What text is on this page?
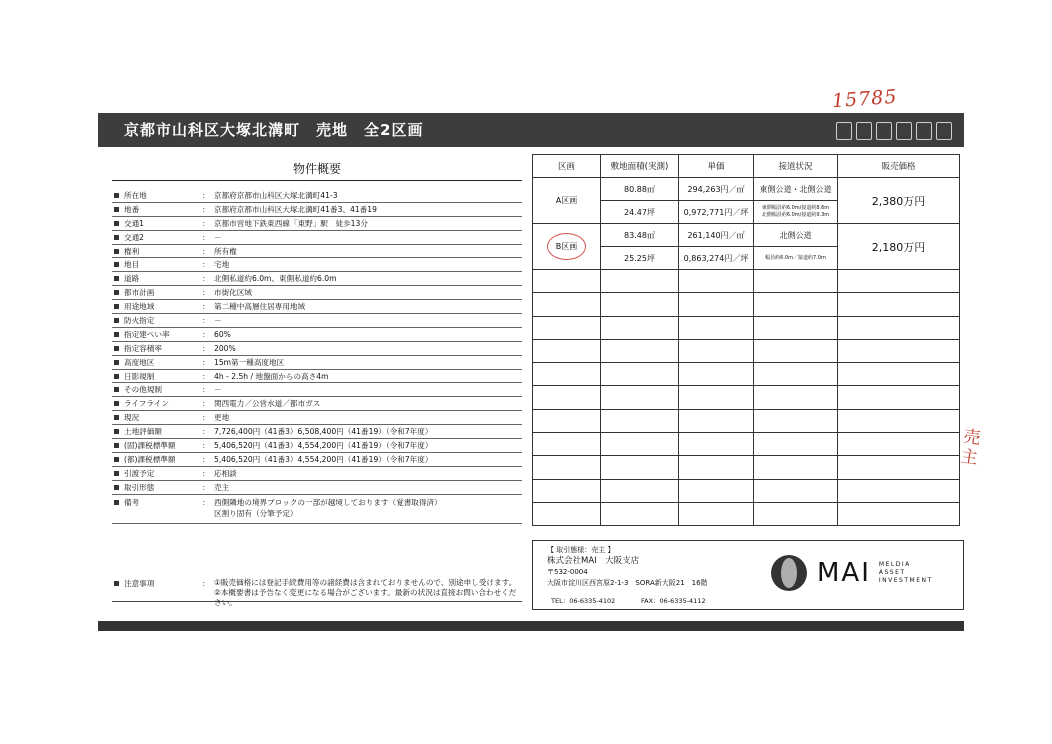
15785
売主
京都市山科区大塚北溝町　売地　全2区画
物件概要
所在地	： 京都府京都市山科区大塚北溝町41-3
地番	： 京都府京都市山科区大塚北溝町41番3、41番19
交通1	： 京都市営地下鉄東西線「東野」駅　徒歩13分
交通2	： －
権利	： 所有権
地目	： 宅地
道路	： 北側私道約6.0m、東側私道約6.0m
都市計画	： 市街化区域
用途地域	： 第二種中高層住居専用地域
防火指定	： －
指定建ぺい率	： 60%
指定容積率	： 200%
高度地区	： 15m第一種高度地区
日影規制	： 4h - 2.5h / 地盤面からの高さ4m
その他規制	： －
ライフライン	： 関西電力／公営水道／都市ガス
現況	： 更地
土地評価額	： 7,726,400円（41番3）6,508,400円（41番19）（令和7年度）
(固)課税標準額	： 5,406,520円（41番3）4,554,200円（41番19）（令和7年度）
(都)課税標準額	： 5,406,520円（41番3）4,554,200円（41番19）（令和7年度）
引渡予定	： 応相談
取引形態	： 売主
備考	： 西側隣地の境界ブロックの一部が越境しております（覚書取得済）
区割り固有（分筆予定）
注意事項	： ①販売価格には登記手続費用等の諸経費は含まれておりませんので、別途申し受けます。
②本概要書は予告なく変更になる場合がございます。最新の状況は直接お問い合わせください。
区画	敷地面積(実測)	単価	接道状況	販売価格
A区画	80.88㎡	294,263円／㎡	東側公道・北側公道	2,380万円
	24.47坪	0,972,771円／坪	東側幅員約6.0m/接道約8.6m
北側幅員約6.0m/接道約9.3m	

B区画	83.48㎡	261,140円／㎡	北側公道	2,180万円
	25.25坪	0,863,274円／坪	幅員約6.0m／接道約7.0m	

【 取引態様：売主 】
株式会社MAI　大阪支店
〒532-0004
大阪市淀川区西宮原2-1-3　SORA新大阪21　16階
TEL：06-6335-4102	FAX：06-6335-4112
MAI MELDIA
ASSET
INVESTMENT
